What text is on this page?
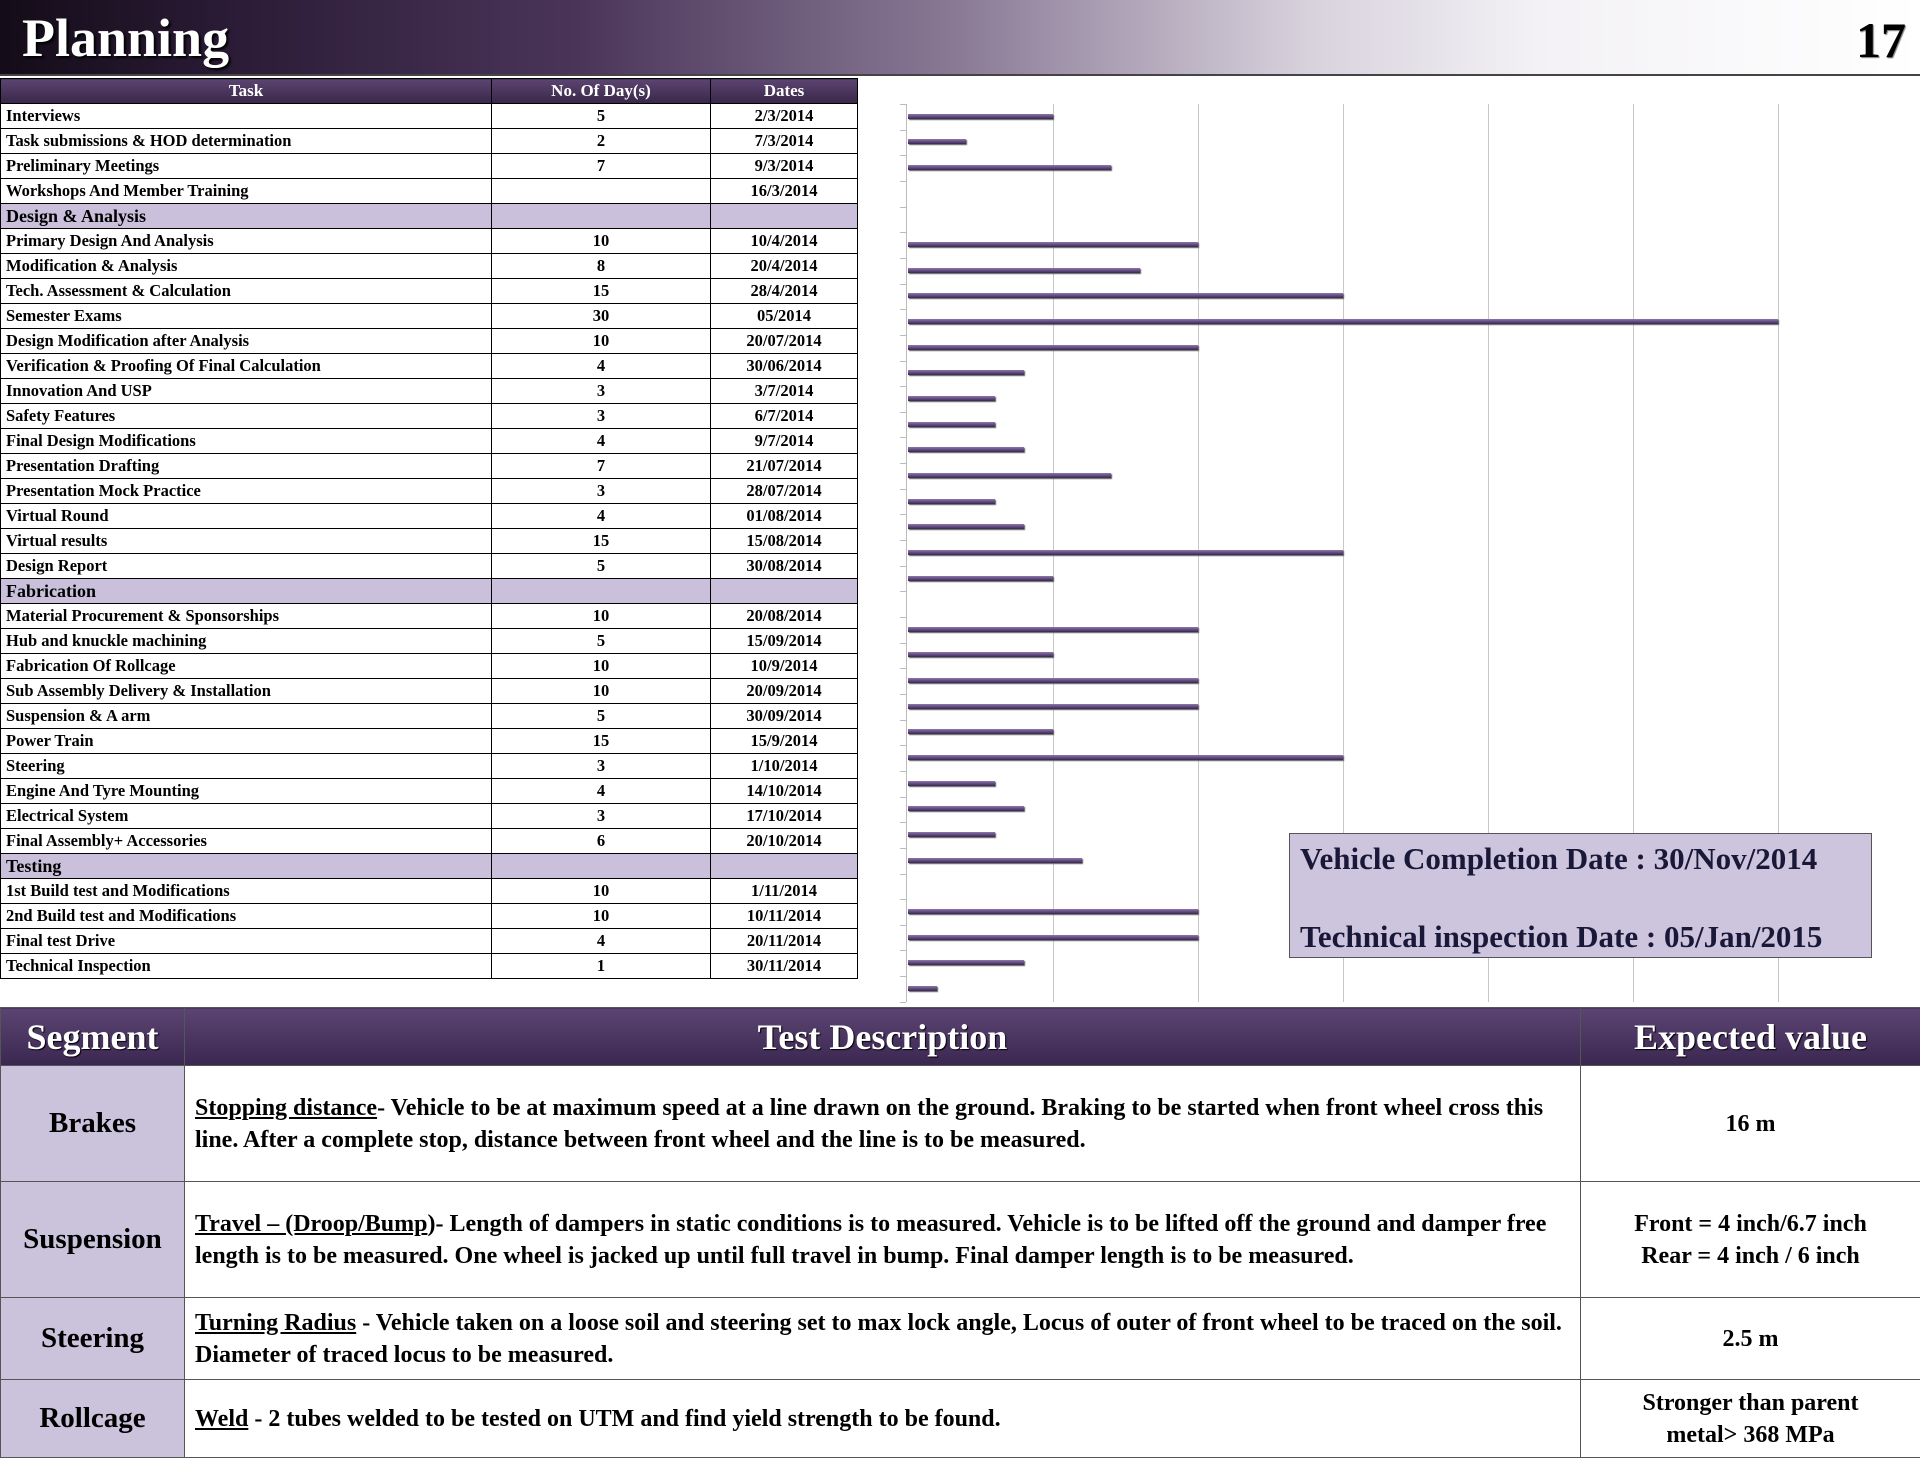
Planning	17
Task	No. Of Day(s)	Dates
Interviews	5	2/3/2014
Task submissions & HOD determination	2	7/3/2014
Preliminary Meetings	7	9/3/2014
Workshops And Member Training		16/3/2014
Design & Analysis		
Primary Design And Analysis	10	10/4/2014
Modification & Analysis	8	20/4/2014
Tech. Assessment & Calculation	15	28/4/2014
Semester Exams	30	05/2014
Design Modification after Analysis	10	20/07/2014
Verification & Proofing Of Final Calculation	4	30/06/2014
Innovation And USP	3	3/7/2014
Safety Features	3	6/7/2014
Final Design Modifications	4	9/7/2014
Presentation Drafting	7	21/07/2014
Presentation Mock Practice	3	28/07/2014
Virtual Round	4	01/08/2014
Virtual results	15	15/08/2014
Design Report	5	30/08/2014
Fabrication		
Material Procurement & Sponsorships	10	20/08/2014
Hub and knuckle machining	5	15/09/2014
Fabrication Of Rollcage	10	10/9/2014
Sub Assembly Delivery & Installation	10	20/09/2014
Suspension & A arm	5	30/09/2014
Power Train	15	15/9/2014
Steering	3	1/10/2014
Engine And Tyre Mounting	4	14/10/2014
Electrical System	3	17/10/2014
Final Assembly+ Accessories	6	20/10/2014
Testing		
1st Build test and Modifications	10	1/11/2014
2nd Build test and Modifications	10	10/11/2014
Final test Drive	4	20/11/2014
Technical Inspection	1	30/11/2014
Vehicle Completion Date : 30/Nov/2014
Technical inspection Date : 05/Jan/2015
Segment	Test Description	Expected value
Brakes	Stopping distance- Vehicle to be at maximum speed at a line drawn on the ground. Braking to be started when front wheel cross this line. After a complete stop, distance between front wheel and the line is to be measured.	16 m
Suspension	Travel – (Droop/Bump)- Length of dampers in static conditions is to measured. Vehicle is to be lifted off the ground and damper free length is to be measured. One wheel is jacked up until full travel in bump. Final damper length is to be measured.	Front = 4 inch/6.7 inch
Rear = 4 inch / 6 inch

Steering	Turning Radius - Vehicle taken on a loose soil and steering set to max lock angle, Locus of outer of front wheel to be traced on the soil. Diameter of traced locus to be measured.	2.5 m
Rollcage	Weld - 2 tubes welded to be tested on UTM and find yield strength to be found.	Stronger than parent
metal> 368 MPa
